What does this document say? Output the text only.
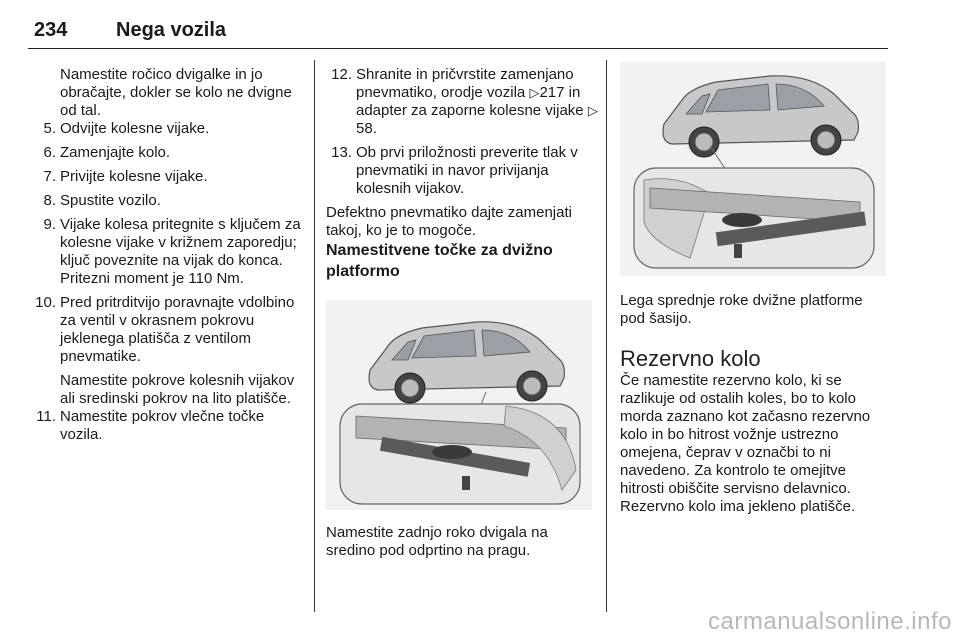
234 Nega vozila

Namestite ročico dvigalke in jo obračajte, dokler se kolo ne dvigne od tal.

5. Odvijte kolesne vijake.
6. Zamenjajte kolo.
7. Privijte kolesne vijake.
8. Spustite vozilo.
9. Vijake kolesa pritegnite s ključem za kolesne vijake v križnem zaporedju; ključ poveznite na vijak do konca. Pritezni moment je 110 Nm.
10. Pred pritrditvijo poravnajte vdolbino za ventil v okrasnem pokrovu jeklenega platišča z ventilom pnevmatike.

Namestite pokrove kolesnih vijakov ali sredinski pokrov na lito platišče.

11. Namestite pokrov vlečne točke vozila.
12. Shranite in pričvrstite zamenjano pnevmatiko, orodje vozila ▷217 in adapter za zaporne kolesne vijake ▷ 58.
13. Ob prvi priložnosti preverite tlak v pnevmatiki in navor privijanja kolesnih vijakov.

Defektno pnevmatiko dajte zamenjati takoj, ko je to mogoče.

Namestitvene točke za dvižno platformo

Namestite zadnjo roko dvigala na sredino pod odprtino na pragu.

Lega sprednje roke dvižne platforme pod šasijo.

Rezervno kolo

Če namestite rezervno kolo, ki se razlikuje od ostalih koles, bo to kolo morda zaznano kot začasno rezervno kolo in bo hitrost vožnje ustrezno omejena, čeprav v označbi to ni navedeno. Za kontrolo te omejitve hitrosti obiščite servisno delavnico.

Rezervno kolo ima jekleno platišče.

carmanualsonline.info
